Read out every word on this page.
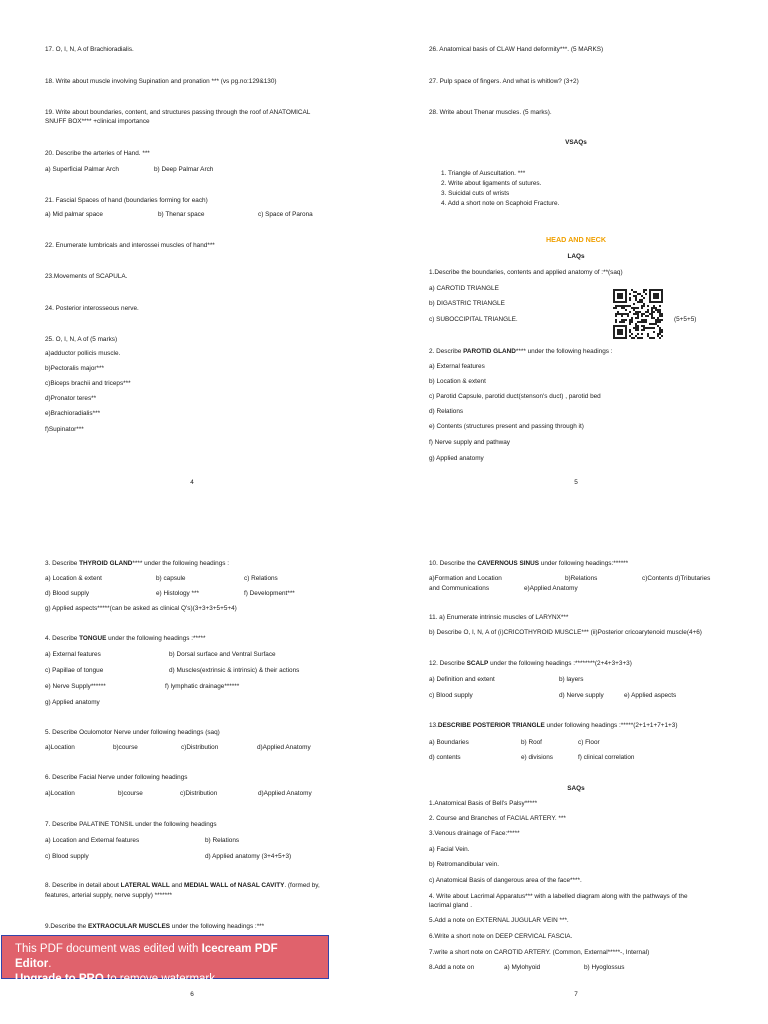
17. O, I, N, A of Brachioradialis.
18. Write about muscle involving Supination and pronation *** (vs pg.no:129&130)
19. Write about boundaries, content, and structures passing through the roof of ANATOMICAL
SNUFF BOX**** +clinical importance
20. Describe the arteries of Hand. ***
a) Superficial Palmar Arch	b) Deep Palmar Arch
21. Fascial Spaces of hand (boundaries forming for each)
a) Mid palmar space	b) Thenar space	c) Space of Parona
22. Enumerate lumbricals and interossei muscles of hand***
23.Movements of SCAPULA.
24. Posterior interosseous nerve.
25. O, I, N, A of (5 marks)
a)adductor pollicis muscle.
b)Pectoralis major***
c)Biceps brachii and triceps***
d)Pronator teres**
e)Brachioradialis***
f)Supinator***
4
26. Anatomical basis of CLAW Hand deformity***. (5 MARKS)
27. Pulp space of fingers. And what is whitlow? (3+2)
28. Write about Thenar muscles. (5 marks).
VSAQs
1. Triangle of Auscultation. ***
2. Write about ligaments of sutures.
3. Suicidal cuts of wrists
4. Add a short note on Scaphoid Fracture.
HEAD AND NECK
LAQs
1.Describe the boundaries, contents and applied anatomy of :**(saq)
a) CAROTID TRIANGLE
b) DIGASTRIC TRIANGLE
c) SUBOCCIPITAL TRIANGLE.	(5+5+5)
2. Describe PAROTID GLAND**** under the following headings :
a) External features
b) Location & extent
c) Parotid Capsule, parotid duct(stenson's duct) , parotid bed
d) Relations
e) Contents (structures present and passing through it)
f) Nerve supply and pathway
g) Applied anatomy
5
3. Describe THYROID GLAND**** under the following headings :
a) Location & extent	b) capsule	c) Relations
d) Blood supply	e) Histology ***	f) Development***
g) Applied aspects*****(can be asked as clinical Q's)(3+3+3+5+5+4)
4. Describe TONGUE under the following headings :*****
a) External features	b) Dorsal surface and Ventral Surface
c) Papillae of tongue	d) Muscles(extrinsic & intrinsic) & their actions
e) Nerve Supply******	f) lymphatic drainage******
g) Applied anatomy
5. Describe Oculomotor Nerve under following headings (saq)
a)Location	b)course	c)Distribution	d)Applied Anatomy
6. Describe Facial Nerve under following headings
a)Location	b)course	c)Distribution	d)Applied Anatomy
7. Describe PALATINE TONSIL under the following headings
a) Location and External features	b) Relations
c) Blood supply	d) Applied anatomy (3+4+5+3)
8. Describe in detail about LATERAL WALL and MEDIAL WALL of NASAL CAVITY. (formed by,
features, arterial supply, nerve supply) *******
9.Describe the EXTRAOCULAR MUSCLES under the following headings :***
6
10. Describe the CAVERNOUS SINUS under following headings:******
a)Formation and Location	b)Relations	c)Contents d)Tributaries
and Communications	e)Applied Anatomy
11. a) Enumerate intrinsic muscles of LARYNX***
b) Describe O, I, N, A of (i)CRICOTHYROID MUSCLE*** (ii)Posterior cricoarytenoid muscle(4+6)
12. Describe SCALP under the following headings :********(2+4+3+3+3)
a) Definition and extent	b) layers
c) Blood supply	d) Nerve supply	e) Applied aspects
13.DESCRIBE POSTERIOR TRIANGLE under following headings :*****(2+1+1+7+1+3)
a) Boundaries	b) Roof	c) Floor
d) contents	e) divisions	f) clinical correlation
SAQs
1.Anatomical Basis of Bell's Palsy*****
2. Course and Branches of FACIAL ARTERY. ***
3.Venous drainage of Face:*****
a) Facial Vein.
b) Retromandibular vein.
c) Anatomical Basis of dangerous area of the face****.
4. Write about Lacrimal Apparatus*** with a labelled diagram along with the pathways of the
lacrimal gland .
5.Add a note on EXTERNAL JUGULAR VEIN ***.
6.Write a short note on DEEP CERVICAL FASCIA.
7.write a short note on CAROTID ARTERY. (Common, External*****-, Internal)
8.Add a note on	a) Mylohyoid	b) Hyoglossus
7
This PDF document was edited with Icecream PDF Editor.
Upgrade to PRO to remove watermark.
